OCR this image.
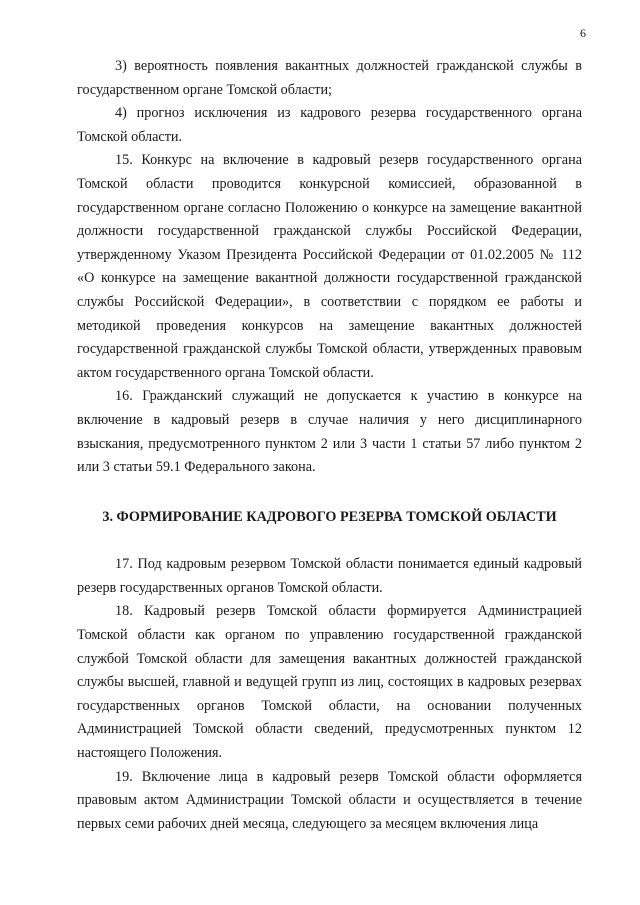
6

3) вероятность появления вакантных должностей гражданской службы в государственном органе Томской области;

4) прогноз исключения из кадрового резерва государственного органа Томской области.

15. Конкурс на включение в кадровый резерв государственного органа Томской области проводится конкурсной комиссией, образованной в государственном органе согласно Положению о конкурсе на замещение вакантной должности государственной гражданской службы Российской Федерации, утвержденному Указом Президента Российской Федерации от 01.02.2005 № 112 «О конкурсе на замещение вакантной должности государственной гражданской службы Российской Федерации», в соответствии с порядком ее работы и методикой проведения конкурсов на замещение вакантных должностей государственной гражданской службы Томской области, утвержденных правовым актом государственного органа Томской области.

16. Гражданский служащий не допускается к участию в конкурсе на включение в кадровый резерв в случае наличия у него дисциплинарного взыскания, предусмотренного пунктом 2 или 3 части 1 статьи 57 либо пунктом 2 или 3 статьи 59.1 Федерального закона.

3. ФОРМИРОВАНИЕ КАДРОВОГО РЕЗЕРВА ТОМСКОЙ ОБЛАСТИ

17. Под кадровым резервом Томской области понимается единый кадровый резерв государственных органов Томской области.

18. Кадровый резерв Томской области формируется Администрацией Томской области как органом по управлению государственной гражданской службой Томской области для замещения вакантных должностей гражданской службы высшей, главной и ведущей групп из лиц, состоящих в кадровых резервах государственных органов Томской области, на основании полученных Администрацией Томской области сведений, предусмотренных пунктом 12 настоящего Положения.

19. Включение лица в кадровый резерв Томской области оформляется правовым актом Администрации Томской области и осуществляется в течение первых семи рабочих дней месяца, следующего за месяцем включения лица
